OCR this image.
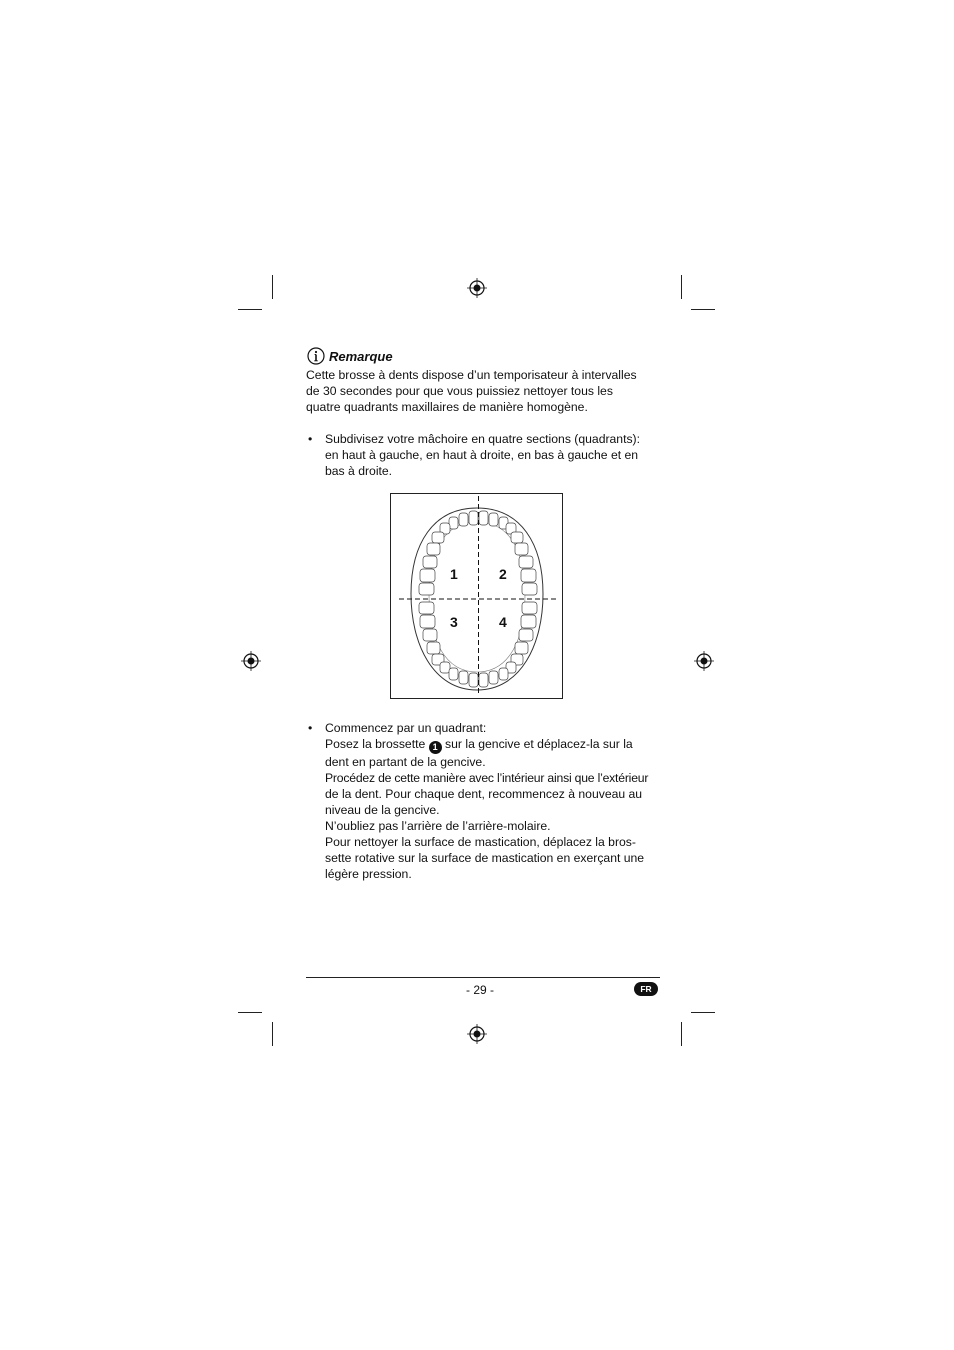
Remarque

Cette brosse à dents dispose d’un temporisateur à intervalles

de 30 secondes pour que vous puissiez nettoyer tous les

quatre quadrants maxillaires de manière homogène.

• Subdivisez votre mâchoire en quatre sections (quadrants):

en haut à gauche, en haut à droite, en bas à gauche et en

bas à droite.

1	2
3	4
• Commencez par un quadrant:

Posez la brossette 1 sur la gencive et déplacez-la sur la

dent en partant de la gencive.

Procédez de cette manière avec l’intérieur ainsi que l’extérieur

de la dent. Pour chaque dent, recommencez à nouveau au

niveau de la gencive.

N’oubliez pas l’arrière de l’arrière-molaire.

Pour nettoyer la surface de mastication, déplacez la bros-

sette rotative sur la surface de mastication en exerçant une

légère pression.

- 29 -	FR
